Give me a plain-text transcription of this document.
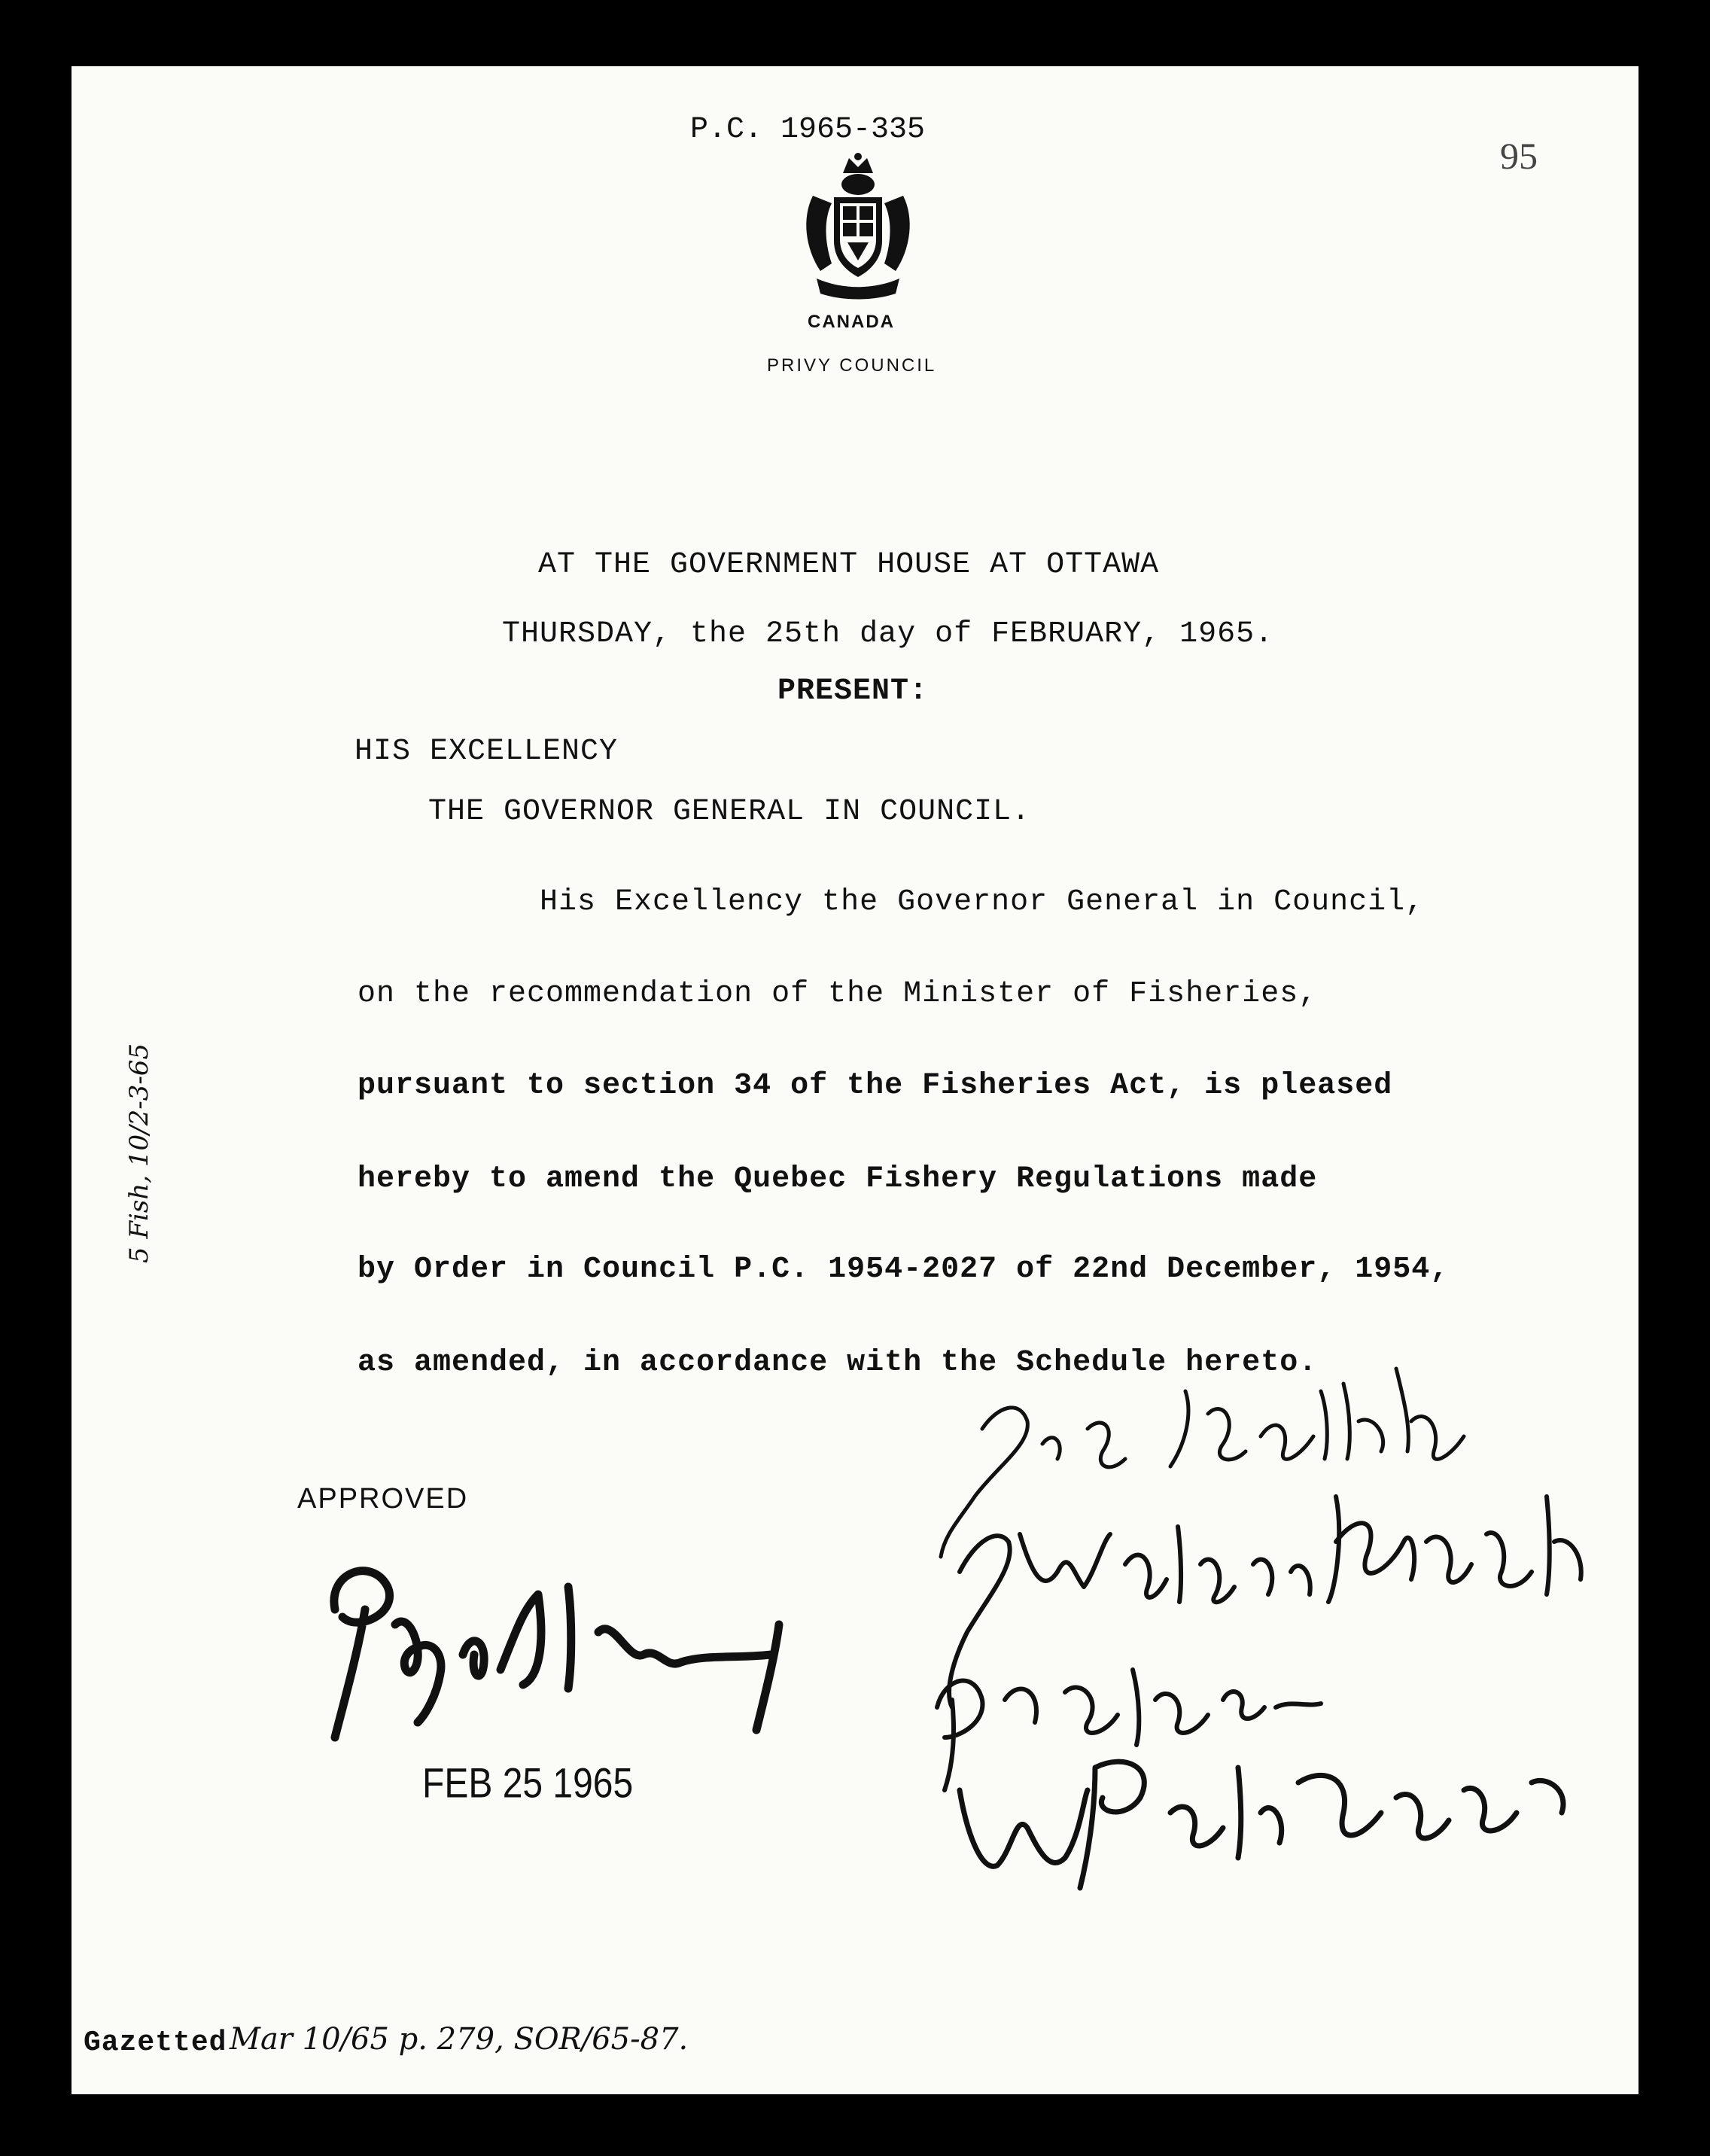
P.C. 1965-335
95
CANADA
PRIVY COUNCIL
AT THE GOVERNMENT HOUSE AT OTTAWA
THURSDAY, the 25th day of FEBRUARY, 1965.
PRESENT:
HIS EXCELLENCY
THE GOVERNOR GENERAL IN COUNCIL.
His Excellency the Governor General in Council,
on the recommendation of the Minister of Fisheries,
pursuant to section 34 of the Fisheries Act, is pleased
hereby to amend the Quebec Fishery Regulations made
by Order in Council P.C. 1954-2027 of 22nd December, 1954,
as amended, in accordance with the Schedule hereto.
APPROVED
FEB 25 1965
5 Fish, 10/2-3-65
Gazetted Mar 10/65 p. 279, SOR/65-87.
